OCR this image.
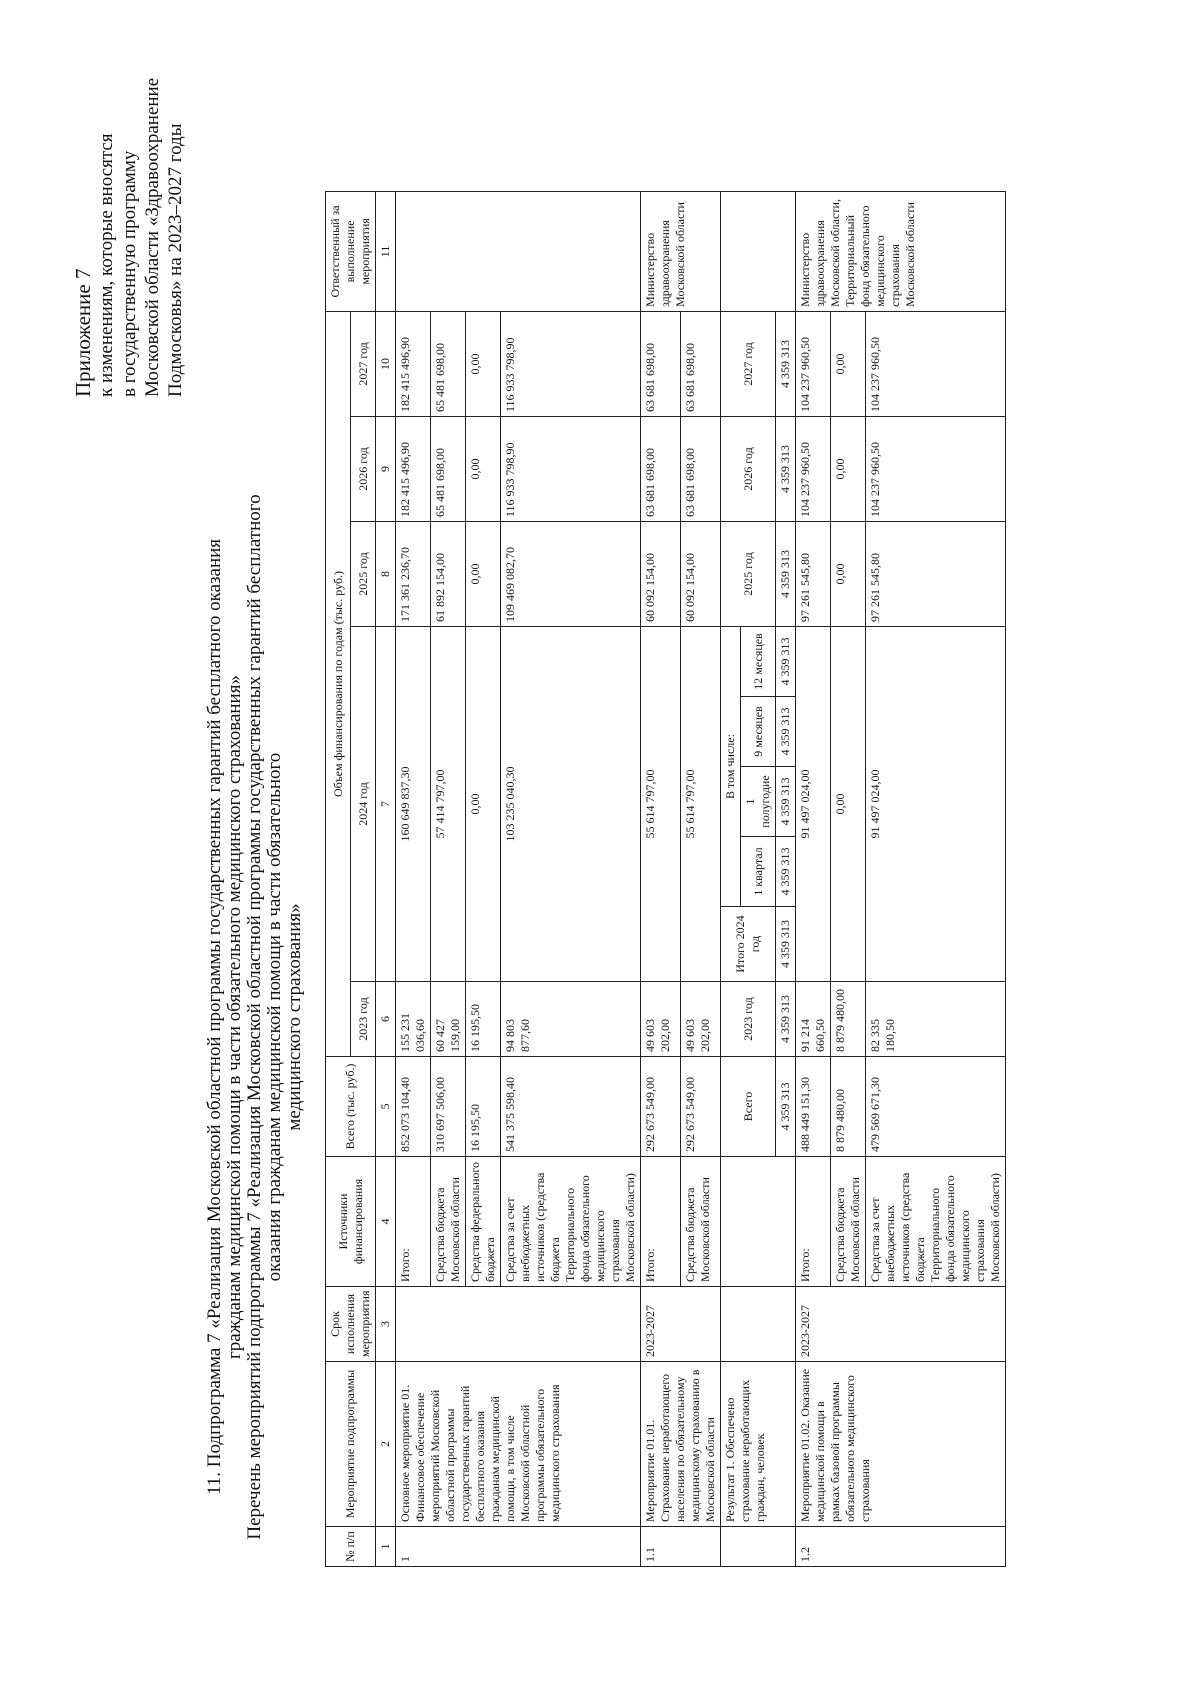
Приложение 7 к изменениям, которые вносятся в государственную программу Московской области «Здравоохранение Подмосковья» на 2023–2027 годы
11. Подпрограмма 7 «Реализация Московской областной программы государственных гарантий бесплатного оказания гражданам медицинской помощи в части обязательного медицинского страхования» Перечень мероприятий подпрограммы 7 «Реализация Московской областной программы государственных гарантий бесплатного оказания гражданам медицинской помощи в части обязательного медицинского страхования»
№ п/п	Мероприятие подпрограммы	Срок исполнения мероприятия	Источники финансирования	Всего (тыс. руб.)	Объем финансирования по годам (тыс. руб.)									Ответственный за выполнение мероприятия
					2023 год	2024 год					2025 год	2026 год	2027 год	
1	2	3	4	5	6	7					8	9	10	11
1	Основное мероприятие 01. Финансовое обеспечение мероприятий Московской областной программы государственных гарантий бесплатного оказания гражданам медицинской помощи, в том числе Московской областной программы обязательного медицинского страхования		Итого:	852 073 104,40	155 231 036,60	160 649 837,30					171 361 236,70	182 415 496,90	182 415 496,90	
			Средства бюджета Московской области	310 697 506,00	60 427 159,00	57 414 797,00					61 892 154,00	65 481 698,00	65 481 698,00	
			Средства федерального бюджета	16 195,50	16 195,50	0,00					0,00	0,00	0,00	
			Средства за счет внебюджетных источников (средства бюджета Территориального фонда обязательного медицинского страхования Московской области)	541 375 598,40	94 803 877,60	103 235 040,30					109 469 082,70	116 933 798,90	116 933 798,90	
1.1	Мероприятие 01.01. Страхование неработающего населения по обязательному медицинскому страхованию в Московской области	2023-2027	Итого:	292 673 549,00	49 603 202,00	55 614 797,00					60 092 154,00	63 681 698,00	63 681 698,00	Министерство здравоохранения Московской области
			Средства бюджета Московской области	292 673 549,00	49 603 202,00	55 614 797,00					60 092 154,00	63 681 698,00	63 681 698,00	
	Результат 1. Обеспечено страхование неработающих граждан, человек			Всего	2023 год	Итого 2024 год	В том числе:				2025 год	2026 год	2027 год	
							1 квартал	1 полугодие	9 месяцев	12 месяцев				
				4 359 313	4 359 313	4 359 313	4 359 313	4 359 313	4 359 313	4 359 313	4 359 313	4 359 313	4 359 313	
1.2	Мероприятие 01.02. Оказание медицинской помощи в рамках базовой программы обязательного медицинского страхования	2023-2027	Итого:	488 449 151,30	91 214 660,50	91 497 024,00					97 261 545,80	104 237 960,50	104 237 960,50	Министерство здравоохранения Московской области, Территориальный фонд обязательного медицинского страхования Московской области
			Средства бюджета Московской области	8 879 480,00	8 879 480,00	0,00					0,00	0,00	0,00	
			Средства за счет внебюджетных источников (средства бюджета Территориального фонда обязательного медицинского страхования Московской области)	479 569 671,30	82 335 180,50	91 497 024,00					97 261 545,80	104 237 960,50	104 237 960,50	
